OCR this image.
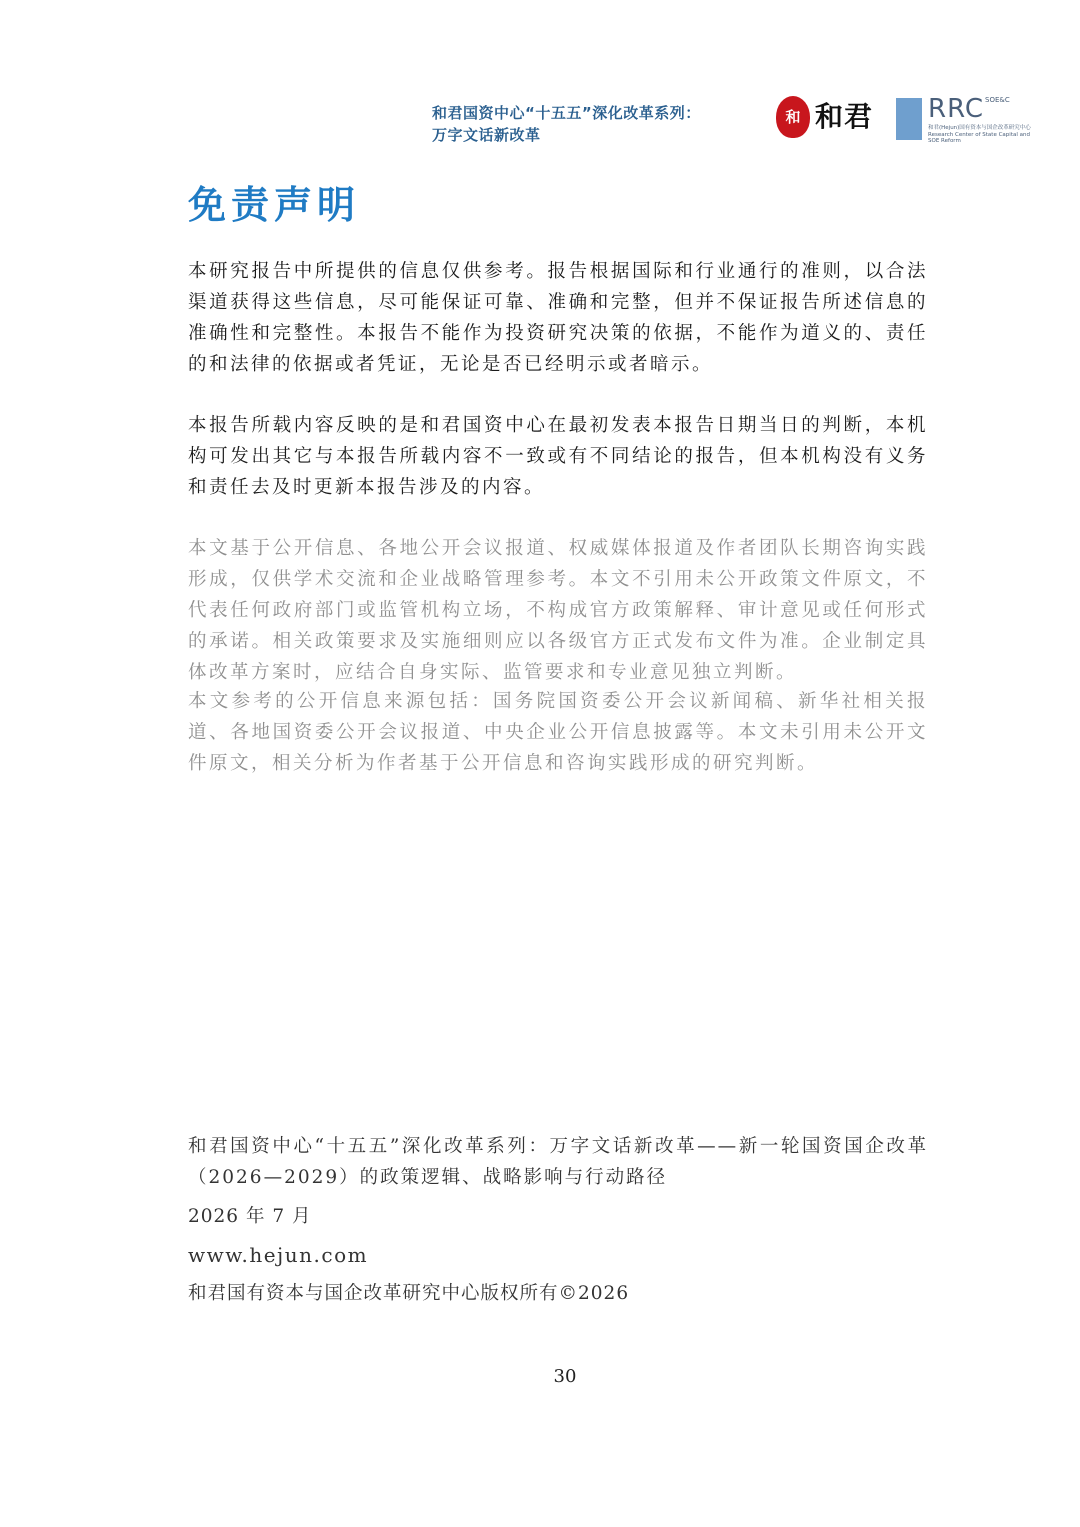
和君国资中心“十五五”深化改革系列：
万字文话新改革
和 和君 RRC SOE&C
和君(Hejun)国有资本与国企改革研究中心 Research Center of State Capital and SOE Reform
免责声明

本研究报告中所提供的信息仅供参考。报告根据国际和行业通行的准则，以合法渠道获得这些信息，尽可能保证可靠、准确和完整，但并不保证报告所述信息的准确性和完整性。本报告不能作为投资研究决策的依据，不能作为道义的、责任的和法律的依据或者凭证，无论是否已经明示或者暗示。

本报告所载内容反映的是和君国资中心在最初发表本报告日期当日的判断，本机构可发出其它与本报告所载内容不一致或有不同结论的报告，但本机构没有义务和责任去及时更新本报告涉及的内容。

本文基于公开信息、各地公开会议报道、权威媒体报道及作者团队长期咨询实践形成，仅供学术交流和企业战略管理参考。本文不引用未公开政策文件原文，不代表任何政府部门或监管机构立场，不构成官方政策解释、审计意见或任何形式的承诺。相关政策要求及实施细则应以各级官方正式发布文件为准。企业制定具体改革方案时，应结合自身实际、监管要求和专业意见独立判断。

本文参考的公开信息来源包括：国务院国资委公开会议新闻稿、新华社相关报道、各地国资委公开会议报道、中央企业公开信息披露等。本文未引用未公开文件原文，相关分析为作者基于公开信息和咨询实践形成的研究判断。

和君国资中心“十五五”深化改革系列：万字文话新改革——新一轮国资国企改革（2026—2029）的政策逻辑、战略影响与行动路径
2026 年 7 月
www.hejun.com
和君国有资本与国企改革研究中心版权所有©2026
30
